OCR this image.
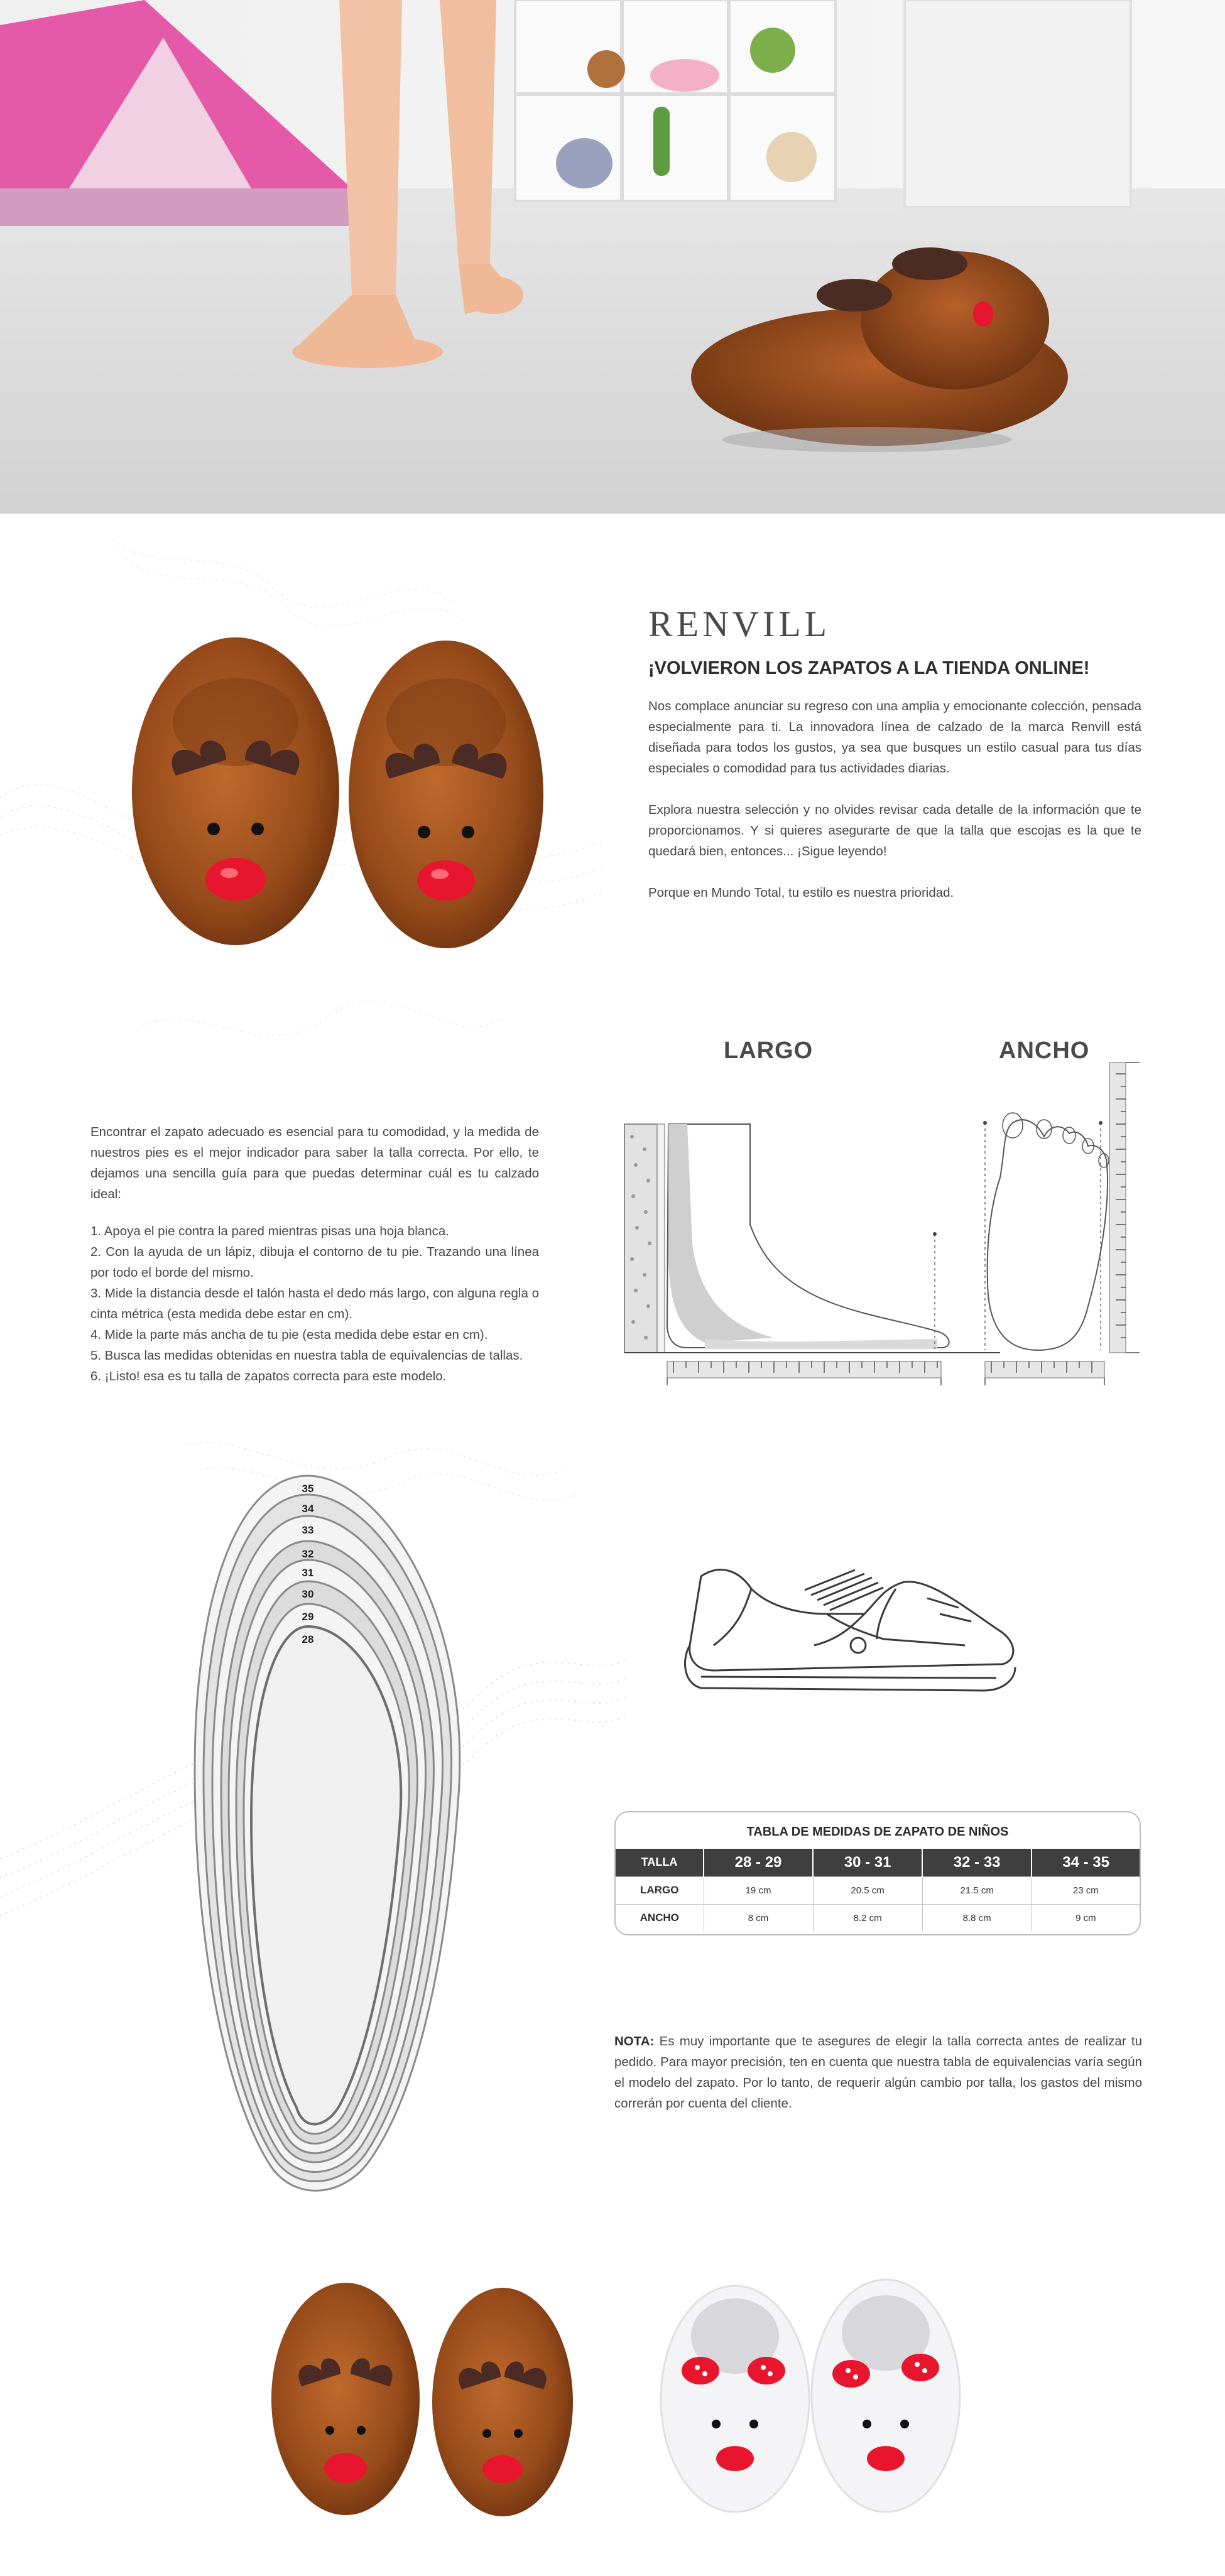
RENVILL
¡VOLVIERON LOS ZAPATOS A LA TIENDA ONLINE!

Nos complace anunciar su regreso con una amplia y emocionante colección, pensada especialmente para ti. La innovadora línea de calzado de la marca Renvill está diseñada para todos los gustos, ya sea que busques un estilo casual para tus días especiales o comodidad para tus actividades diarias.

Explora nuestra selección y no olvides revisar cada detalle de la información que te proporcionamos. Y si quieres asegurarte de que la talla que escojas es la que te quedará bien, entonces... ¡Sigue leyendo!

Porque en Mundo Total, tu estilo es nuestra prioridad.

Encontrar el zapato adecuado es esencial para tu comodidad, y la medida de nuestros pies es el mejor indicador para saber la talla correcta. Por ello, te dejamos una sencilla guía para que puedas determinar cuál es tu calzado ideal:
1. Apoya el pie contra la pared mientras pisas una hoja blanca.
2. Con la ayuda de un lápiz, dibuja el contorno de tu pie. Trazando una línea por todo el borde del mismo.
3. Mide la distancia desde el talón hasta el dedo más largo, con alguna regla o cinta métrica (esta medida debe estar en cm).
4. Mide la parte más ancha de tu pie (esta medida debe estar en cm).
5. Busca las medidas obtenidas en nuestra tabla de equivalencias de tallas.
6. ¡Listo! esa es tu talla de zapatos correcta para este modelo.
LARGO	ANCHO
35
34
33
32
31
30
29
28
TABLA DE MEDIDAS DE ZAPATO DE NIÑOS
TALLA	28 - 29	30 - 31	32 - 33	34 - 35
LARGO	19 cm	20.5 cm	21.5 cm	23 cm
ANCHO	8 cm	8.2 cm	8.8 cm	9 cm
NOTA: Es muy importante que te asegures de elegir la talla correcta antes de realizar tu pedido. Para mayor precisión, ten en cuenta que nuestra tabla de equivalencias varía según el modelo del zapato. Por lo tanto, de requerir algún cambio por talla, los gastos del mismo correrán por cuenta del cliente.
